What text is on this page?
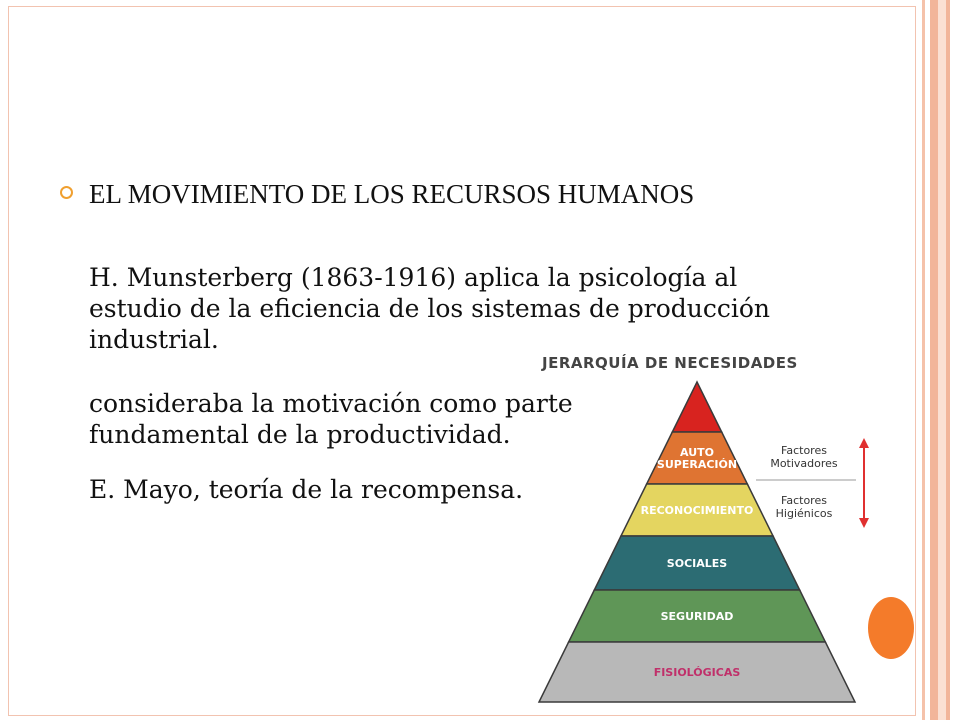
EL MOVIMIENTO DE LOS RECURSOS HUMANOS
H. Munsterberg (1863-1916) aplica la psicología al estudio de la eficiencia de los sistemas de producción industrial.
consideraba la motivación como parte fundamental de la productividad.
E. Mayo, teoría de la recompensa.
JERARQUÍA DE NECESIDADES
AUTO SUPERACIÓN
RECONOCIMIENTO
SOCIALES
SEGURIDAD
FISIOLÓGICAS
Factores Motivadores
Factores Higiénicos
